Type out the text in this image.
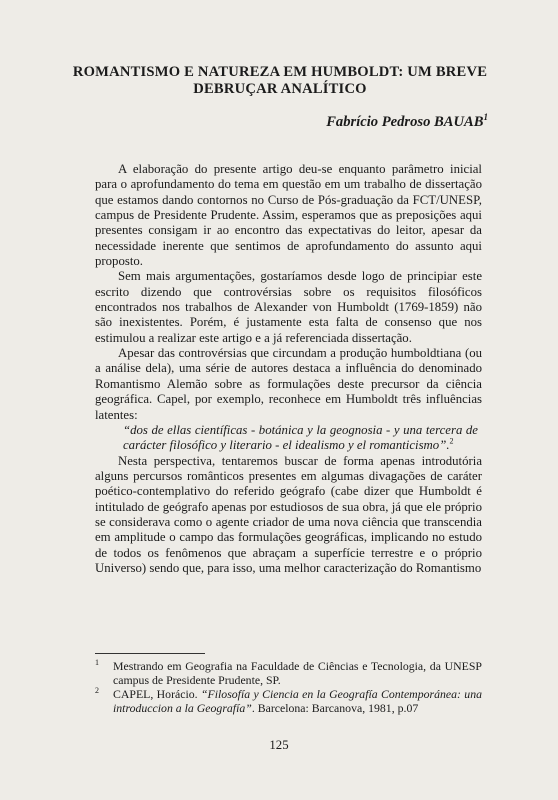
ROMANTISMO E NATUREZA EM HUMBOLDT: UM BREVE
DEBRUÇAR ANALÍTICO
Fabrício Pedroso BAUAB$^1$

A elaboração do presente artigo deu-se enquanto parâmetro inicial para o aprofundamento do tema em questão em um trabalho de dissertação que estamos dando contornos no Curso de Pós-graduação da FCT/UNESP, campus de Presidente Prudente. Assim, esperamos que as preposições aqui presentes consigam ir ao encontro das expectativas do leitor, apesar da necessidade inerente que sentimos de aprofundamento do assunto aqui proposto.

Sem mais argumentações, gostaríamos desde logo de principiar este escrito dizendo que controvérsias sobre os requisitos filosóficos encontrados nos trabalhos de Alexander von Humboldt (1769-1859) não são inexistentes. Porém, é justamente esta falta de consenso que nos estimulou a realizar este artigo e a já referenciada dissertação.

Apesar das controvérsias que circundam a produção humboldtiana (ou a análise dela), uma série de autores destaca a influência do denominado Romantismo Alemão sobre as formulações deste precursor da ciência geográfica. Capel, por exemplo, reconhece em Humboldt três influências latentes:

“dos de ellas científicas - botánica y la geognosia - y una tercera de carácter filosófico y literario - el idealismo y el romanticismo”.$^2$

Nesta perspectiva, tentaremos buscar de forma apenas introdutória alguns percursos românticos presentes em algumas divagações de caráter poético-contemplativo do referido geógrafo (cabe dizer que Humboldt é intitulado de geógrafo apenas por estudiosos de sua obra, já que ele próprio se considerava como o agente criador de uma nova ciência que transcendia em amplitude o campo das formulações geográficas, implicando no estudo de todos os fenômenos que abraçam a superfície terrestre e o próprio Universo) sendo que, para isso, uma melhor caracterização do Romantismo

1	Mestrando em Geografia na Faculdade de Ciências e Tecnologia, da UNESP campus de Presidente Prudente, SP.
2	CAPEL, Horácio. “Filosofía y Ciencia en la Geografía Contemporánea: una introduccion a la Geografía”. Barcelona: Barcanova, 1981, p.07
125
